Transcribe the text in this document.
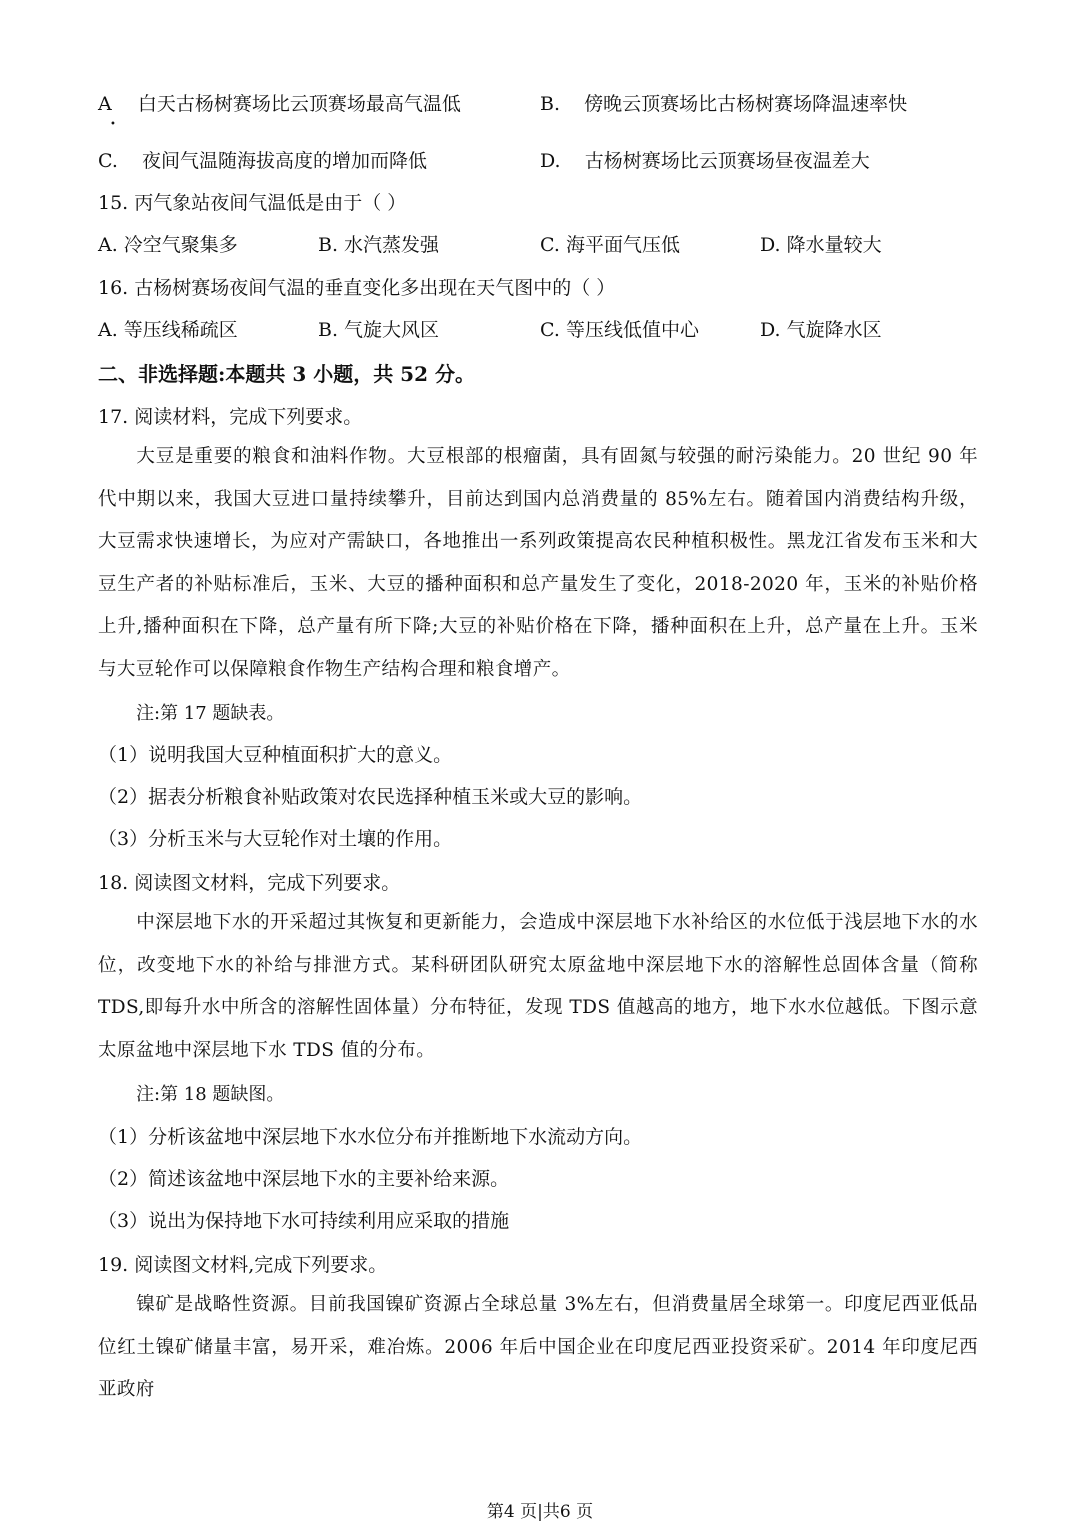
A 白天古杨树赛场比云顶赛场最高气温低
•
B. 傍晚云顶赛场比古杨树赛场降温速率快
C. 夜间气温随海拔高度的增加而降低	D. 古杨树赛场比云顶赛场昼夜温差大
15. 丙气象站夜间气温低是由于（ ）
A. 冷空气聚集多	B. 水汽蒸发强	C. 海平面气压低	D. 降水量较大
16. 古杨树赛场夜间气温的垂直变化多出现在天气图中的（ ）
A. 等压线稀疏区	B. 气旋大风区	C. 等压线低值中心	D. 气旋降水区
二、非选择题:本题共 3 小题，共 52 分。
17. 阅读材料，完成下列要求。
大豆是重要的粮食和油料作物。大豆根部的根瘤菌，具有固氮与较强的耐污染能力。20 世纪 90 年代中期以来，我国大豆进口量持续攀升，目前达到国内总消费量的 85%左右。随着国内消费结构升级，大豆需求快速增长，为应对产需缺口，各地推出一系列政策提高农民种植积极性。黑龙江省发布玉米和大豆生产者的补贴标准后，玉米、大豆的播种面积和总产量发生了变化，2018-2020 年，玉米的补贴价格上升,播种面积在下降，总产量有所下降;大豆的补贴价格在下降，播种面积在上升，总产量在上升。玉米与大豆轮作可以保障粮食作物生产结构合理和粮食增产。
注:第 17 题缺表。
（1）说明我国大豆种植面积扩大的意义。
（2）据表分析粮食补贴政策对农民选择种植玉米或大豆的影响。
（3）分析玉米与大豆轮作对土壤的作用。
18. 阅读图文材料，完成下列要求。
中深层地下水的开采超过其恢复和更新能力，会造成中深层地下水补给区的水位低于浅层地下水的水位，改变地下水的补给与排泄方式。某科研团队研究太原盆地中深层地下水的溶解性总固体含量（简称 TDS,即每升水中所含的溶解性固体量）分布特征，发现 TDS 值越高的地方，地下水水位越低。下图示意太原盆地中深层地下水 TDS 值的分布。
注:第 18 题缺图。
（1）分析该盆地中深层地下水水位分布并推断地下水流动方向。
（2）简述该盆地中深层地下水的主要补给来源。
（3）说出为保持地下水可持续利用应采取的措施
19. 阅读图文材料,完成下列要求。
镍矿是战略性资源。目前我国镍矿资源占全球总量 3%左右，但消费量居全球第一。印度尼西亚低品位红土镍矿储量丰富，易开采，难冶炼。2006 年后中国企业在印度尼西亚投资采矿。2014 年印度尼西亚政府
第4 页|共6 页
